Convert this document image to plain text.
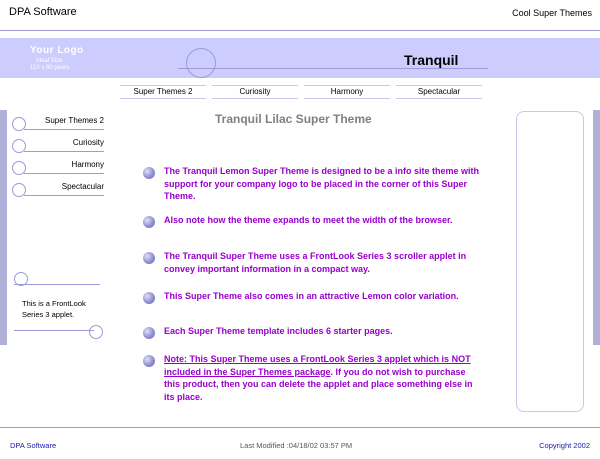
DPA Software	Cool Super Themes
Your Logo
Ideal Size
110 x 60 pixels	Tranquil
Super Themes 2	Curiosity	Harmony	Spectacular
Super Themes 2
Curiosity
Harmony
Spectacular
This is a FrontLook Series 3 applet.
Tranquil Lilac Super Theme
The Tranquil Lemon Super Theme is designed to be a info site theme with support for your company logo to be placed in the corner of this Super Theme.
Also note how the theme expands to meet the width of the browser.
The Tranquil Super Theme uses a FrontLook Series 3 scroller applet in convey important information in a compact way.
This Super Theme also comes in an attractive Lemon color variation.
Each Super Theme template includes 6 starter pages.
Note: This Super Theme uses a FrontLook Series 3 applet which is NOT included in the Super Themes package. If you do not wish to purchase this product, then you can delete the applet and place something else in its place.
DPA Software	Last Modified :04/18/02 03:57 PM	Copyright 2002
